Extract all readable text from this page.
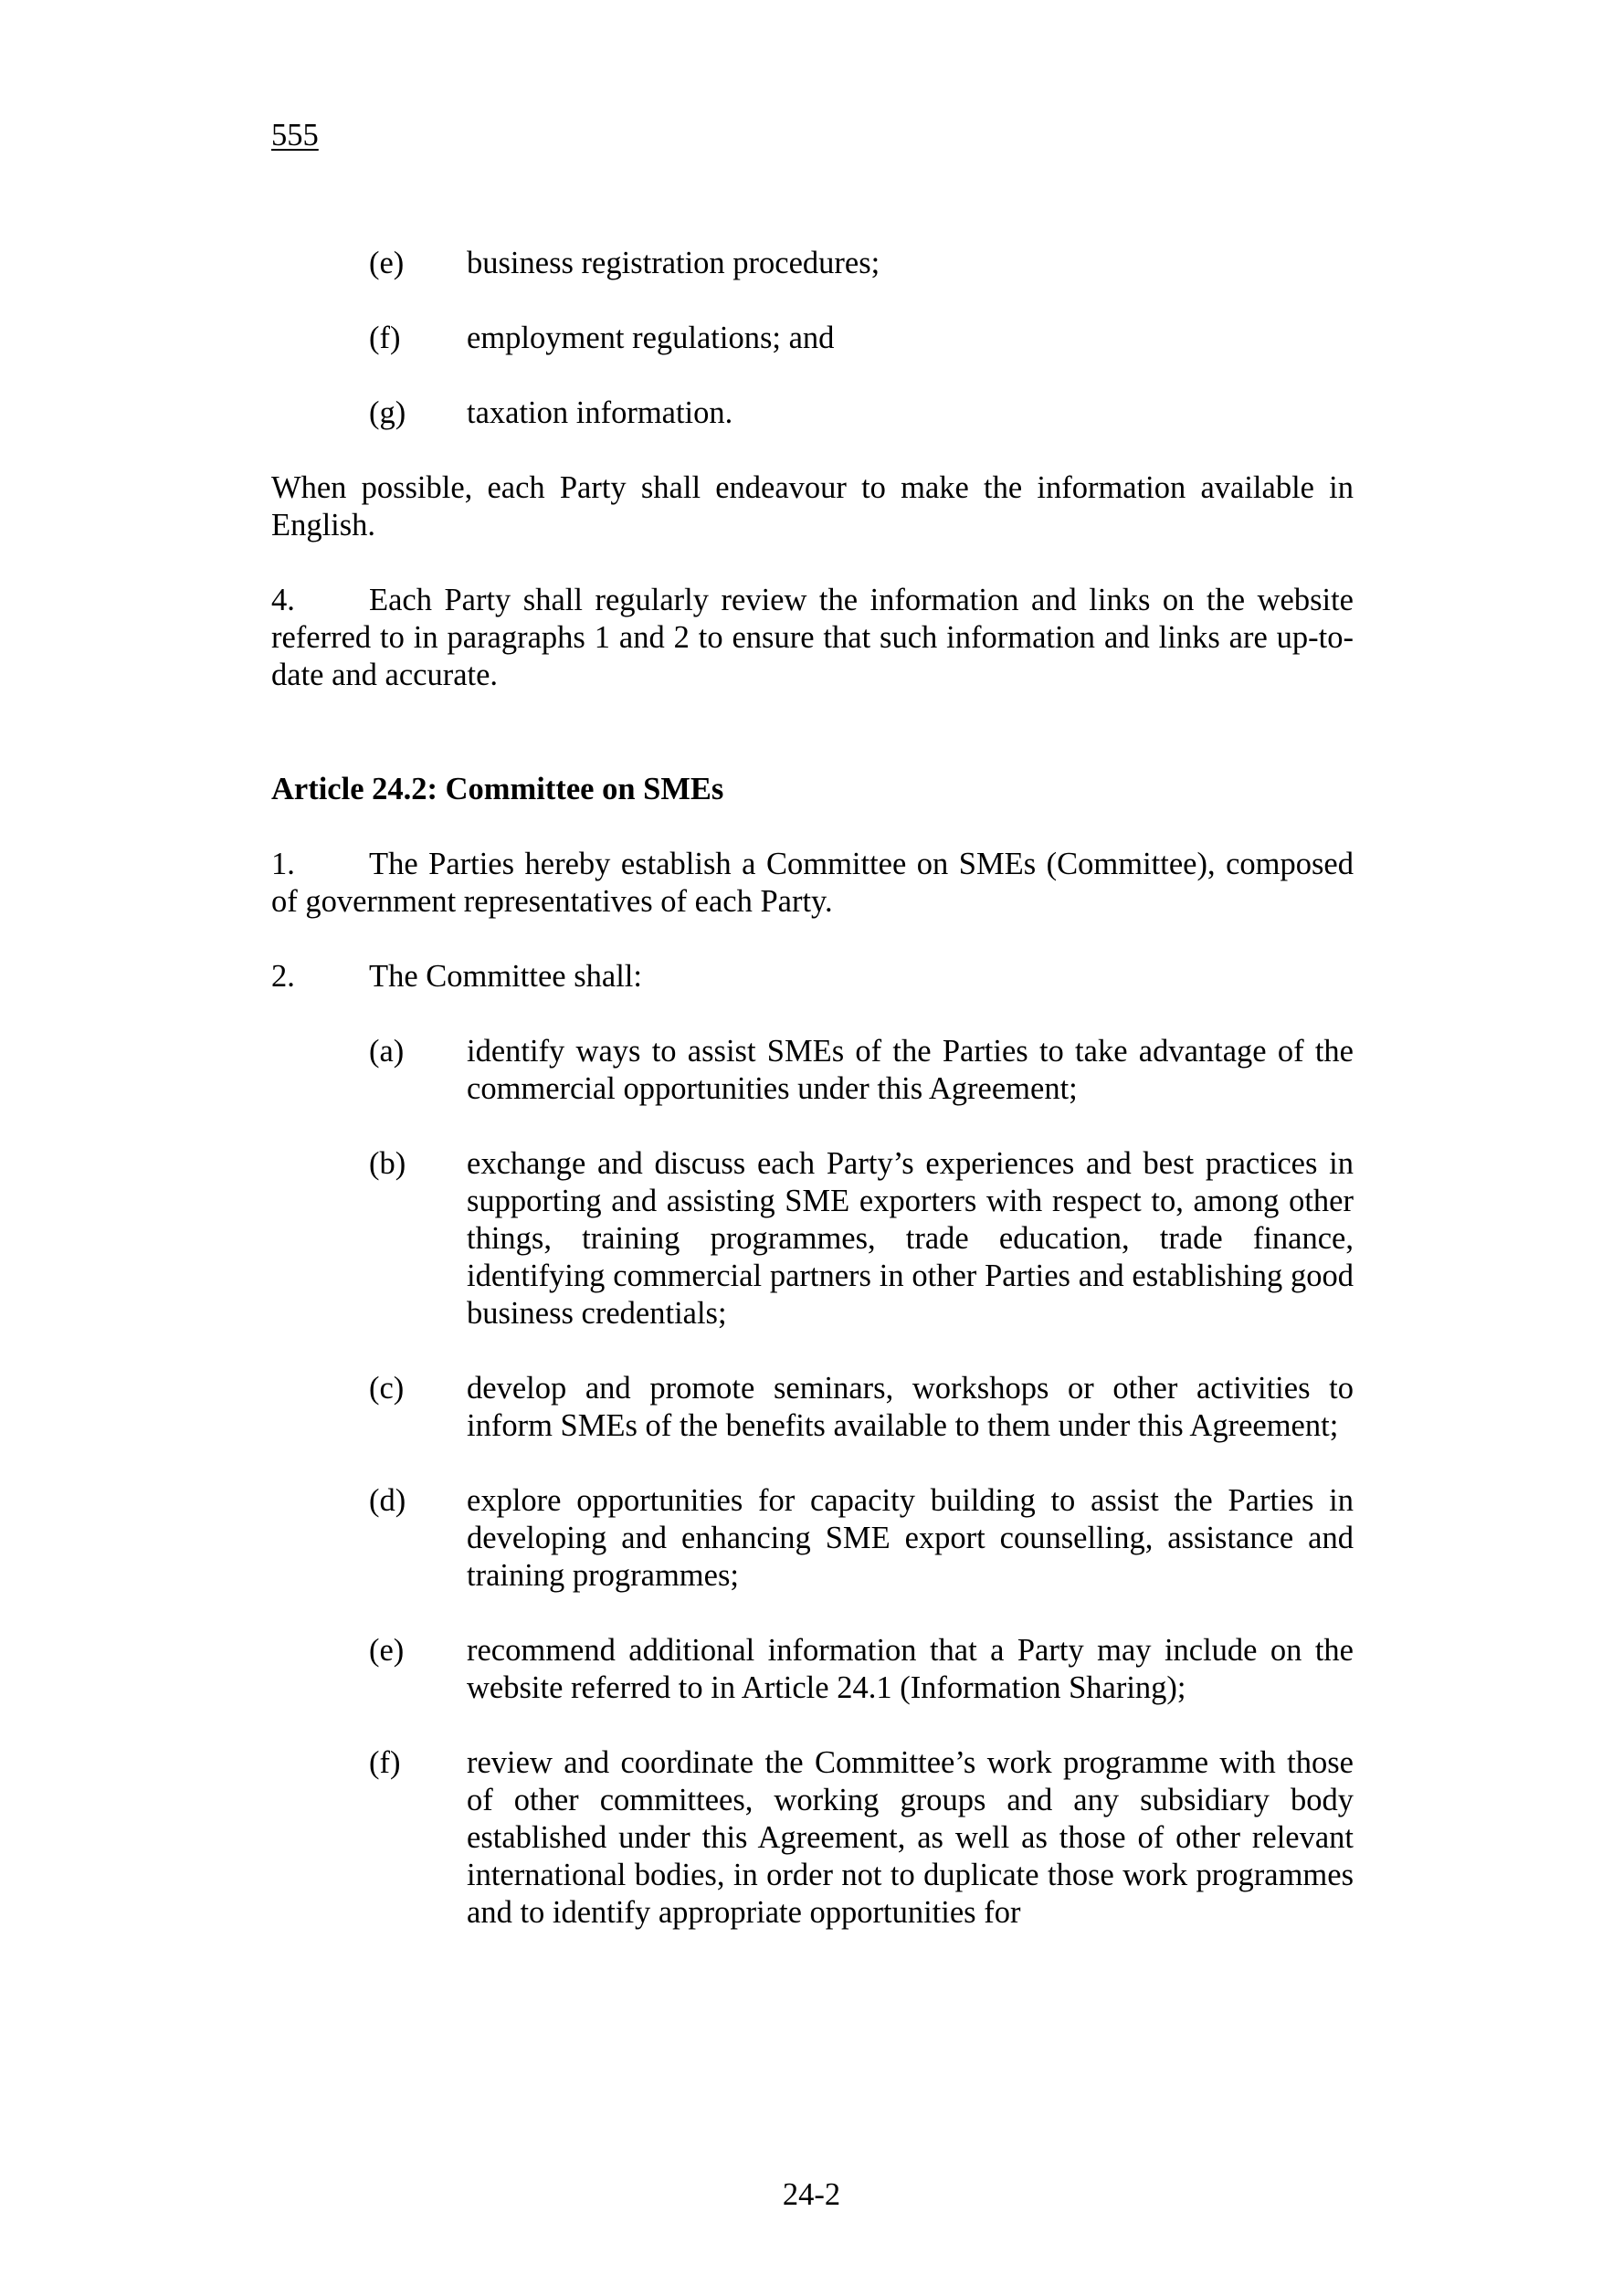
555
(e) business registration procedures;
(f) employment regulations; and
(g) taxation information.
When possible, each Party shall endeavour to make the information available in English.
4. Each Party shall regularly review the information and links on the website referred to in paragraphs 1 and 2 to ensure that such information and links are up-to-date and accurate.
Article 24.2: Committee on SMEs
1. The Parties hereby establish a Committee on SMEs (Committee), composed of government representatives of each Party.
2. The Committee shall:
(a) identify ways to assist SMEs of the Parties to take advantage of the commercial opportunities under this Agreement;
(b) exchange and discuss each Party’s experiences and best practices in supporting and assisting SME exporters with respect to, among other things, training programmes, trade education, trade finance, identifying commercial partners in other Parties and establishing good business credentials;
(c) develop and promote seminars, workshops or other activities to inform SMEs of the benefits available to them under this Agreement;
(d) explore opportunities for capacity building to assist the Parties in developing and enhancing SME export counselling, assistance and training programmes;
(e) recommend additional information that a Party may include on the website referred to in Article 24.1 (Information Sharing);
(f) review and coordinate the Committee’s work programme with those of other committees, working groups and any subsidiary body established under this Agreement, as well as those of other relevant international bodies, in order not to duplicate those work programmes and to identify appropriate opportunities for
24-2
